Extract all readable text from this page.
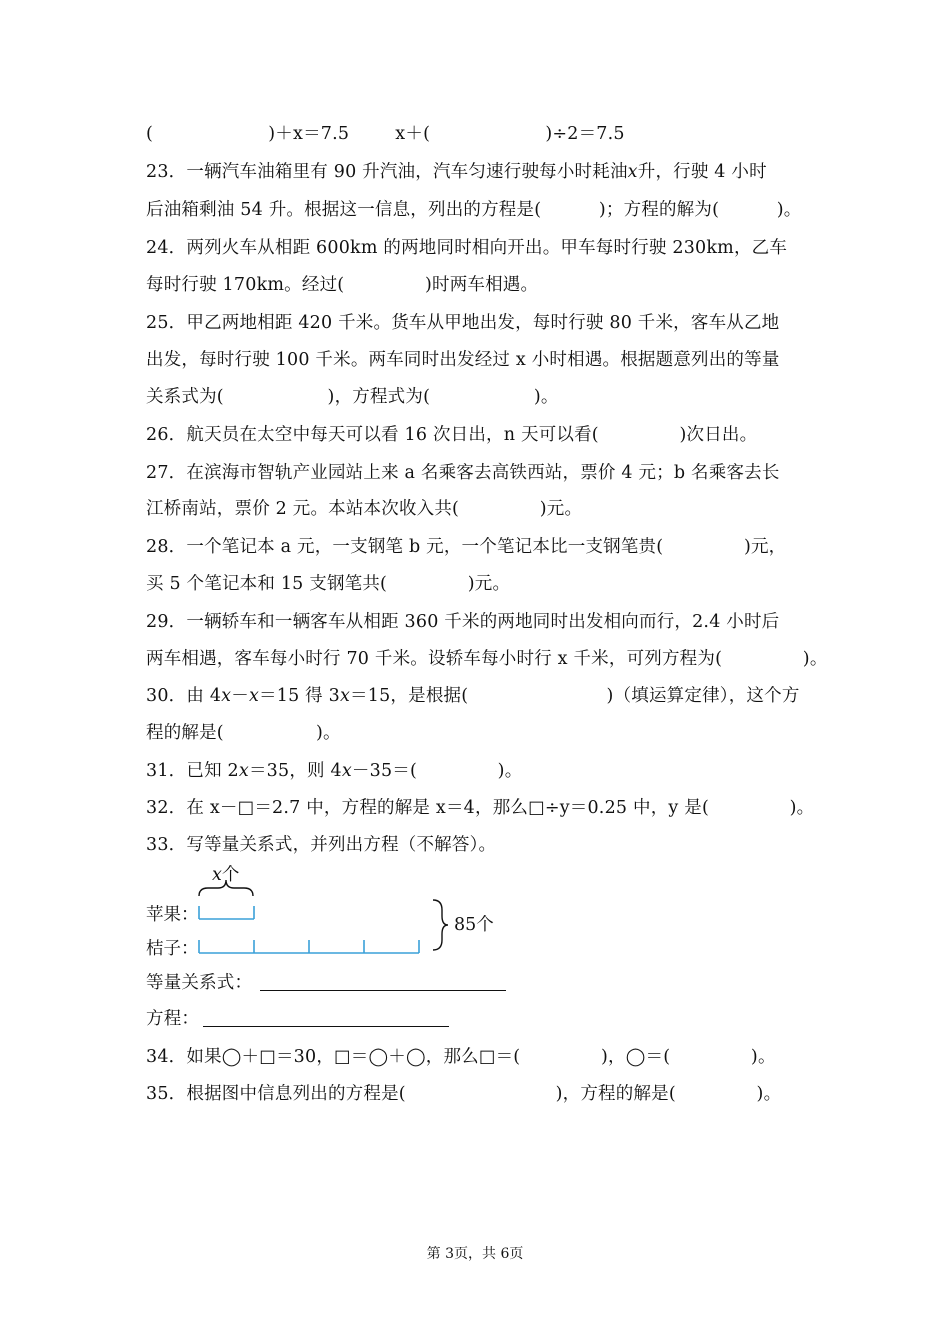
(                    )＋x＝7.5        x＋(                    )÷2＝7.5
23．一辆汽车油箱里有 90 升汽油，汽车匀速行驶每小时耗油x升，行驶 4 小时
后油箱剩油 54 升。根据这一信息，列出的方程是(          )；方程的解为(          )。
24．两列火车从相距 600km 的两地同时相向开出。甲车每时行驶 230km，乙车
每时行驶 170km。经过(              )时两车相遇。
25．甲乙两地相距 420 千米。货车从甲地出发，每时行驶 80 千米，客车从乙地
出发，每时行驶 100 千米。两车同时出发经过 x 小时相遇。根据题意列出的等量
关系式为(                  )，方程式为(                  )。
26．航天员在太空中每天可以看 16 次日出，n 天可以看(              )次日出。
27．在滨海市智轨产业园站上来 a 名乘客去高铁西站，票价 4 元；b 名乘客去长
江桥南站，票价 2 元。本站本次收入共(              )元。
28．一个笔记本 a 元，一支钢笔 b 元，一个笔记本比一支钢笔贵(              )元，
买 5 个笔记本和 15 支钢笔共(              )元。
29．一辆轿车和一辆客车从相距 360 千米的两地同时出发相向而行，2.4 小时后
两车相遇，客车每小时行 70 千米。设轿车每小时行 x 千米，可列方程为(              )。
30．由 4x－x＝15 得 3x＝15，是根据(                        )（填运算定律），这个方
程的解是(                )。
31．已知 2x＝35，则 4x－35＝(              )。
32．在 x－□＝2.7 中，方程的解是 x＝4，那么□÷y＝0.25 中，y 是(              )。
33．写等量关系式，并列出方程（不解答）。
x个
苹果：
桔子：
85个
等量关系式：
方程：
34．如果◯＋□＝30，□＝◯＋◯，那么□＝(              )，◯＝(              )。
35．根据图中信息列出的方程是(                          )，方程的解是(              )。
第 3页，共 6页
